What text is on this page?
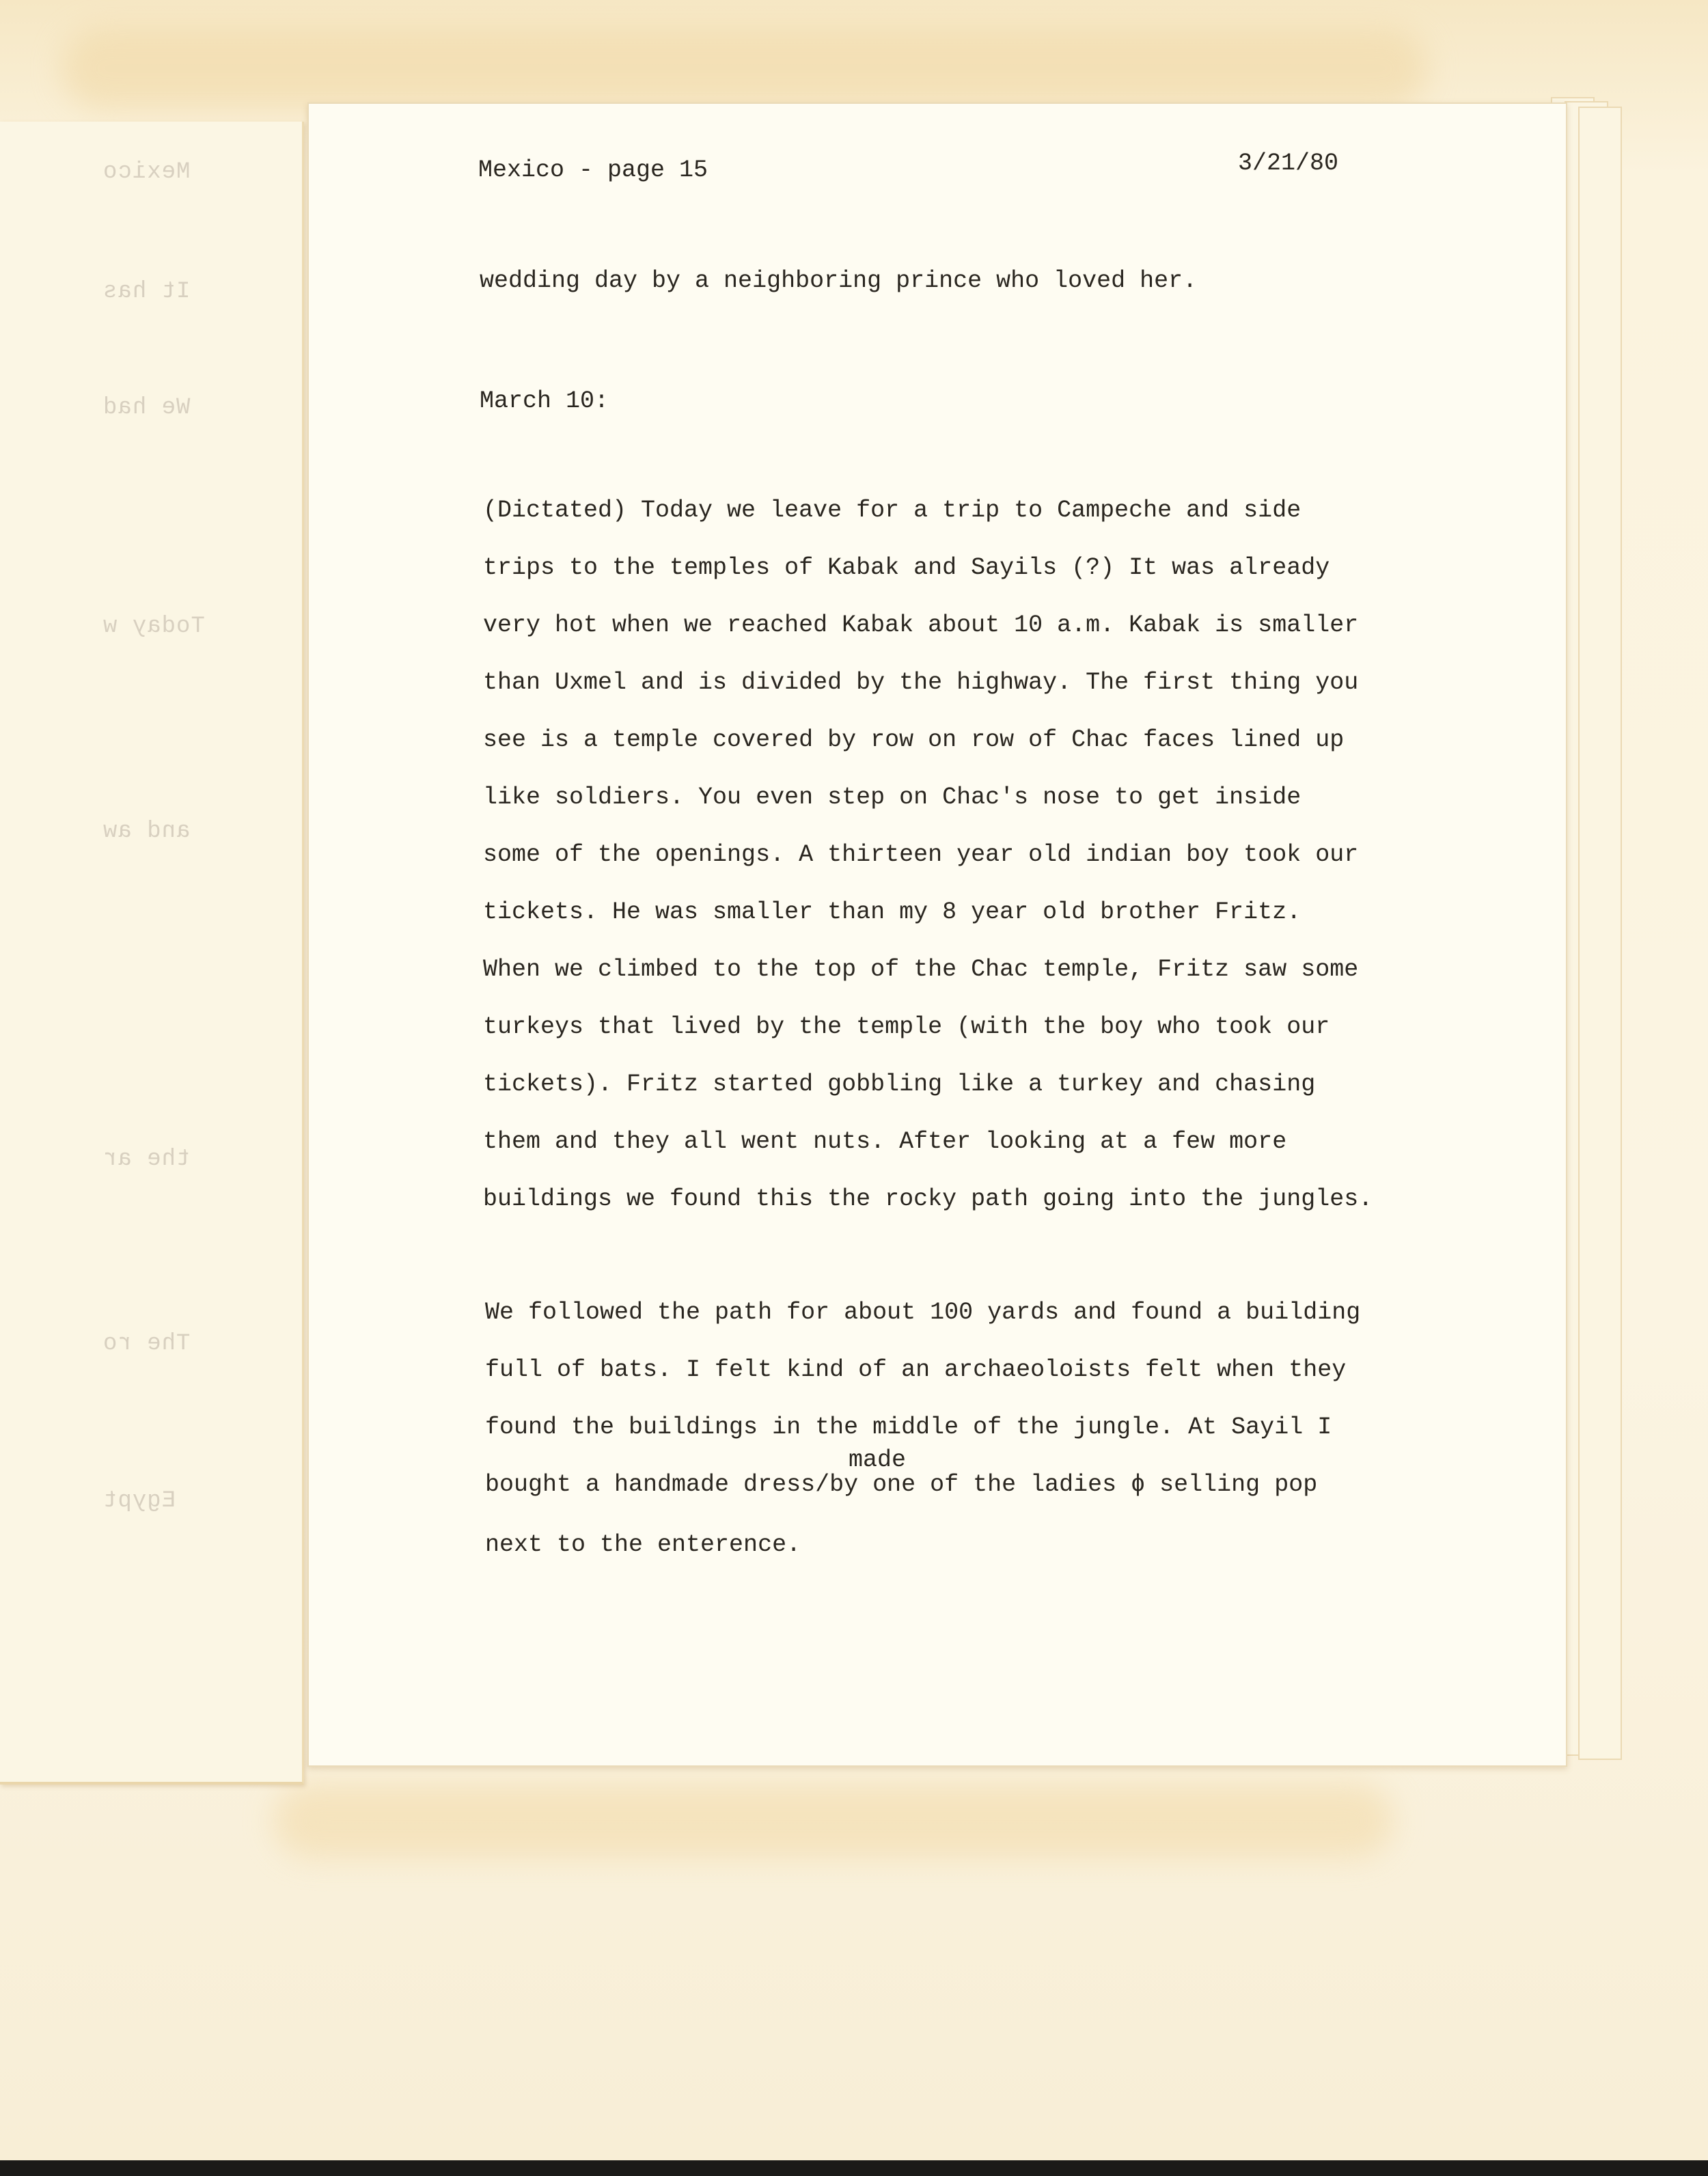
Mexico
It has
We had
Today w
and aw
the ar
The ro
Egypt
Mexico - page 15	3/21/80
wedding day by a neighboring prince who loved her.
March 10:
(Dictated) Today we leave for a trip to Campeche and side
trips to the temples of Kabak and Sayils (?) It was already
very hot when we reached Kabak about 10 a.m. Kabak is smaller
than Uxmel and is divided by the highway. The first thing you
see is a temple covered by row on row of Chac faces lined up
like soldiers. You even step on Chac's nose to get inside
some of the openings. A thirteen year old indian boy took our
tickets. He was smaller than my 8 year old brother Fritz.
When we climbed to the top of the Chac temple, Fritz saw some
turkeys that lived by the temple (with the boy who took our
tickets). Fritz started gobbling like a turkey and chasing
them and they all went nuts. After looking at a few more
buildings we found this the rocky path going into the jungles.
We followed the path for about 100 yards and found a building
full of bats. I felt kind of an archaeoloists felt when they
found the buildings in the middle of the jungle. At Sayil I
made
bought a handmade dress/by one of the ladies ɸ selling pop
next to the enterence.
